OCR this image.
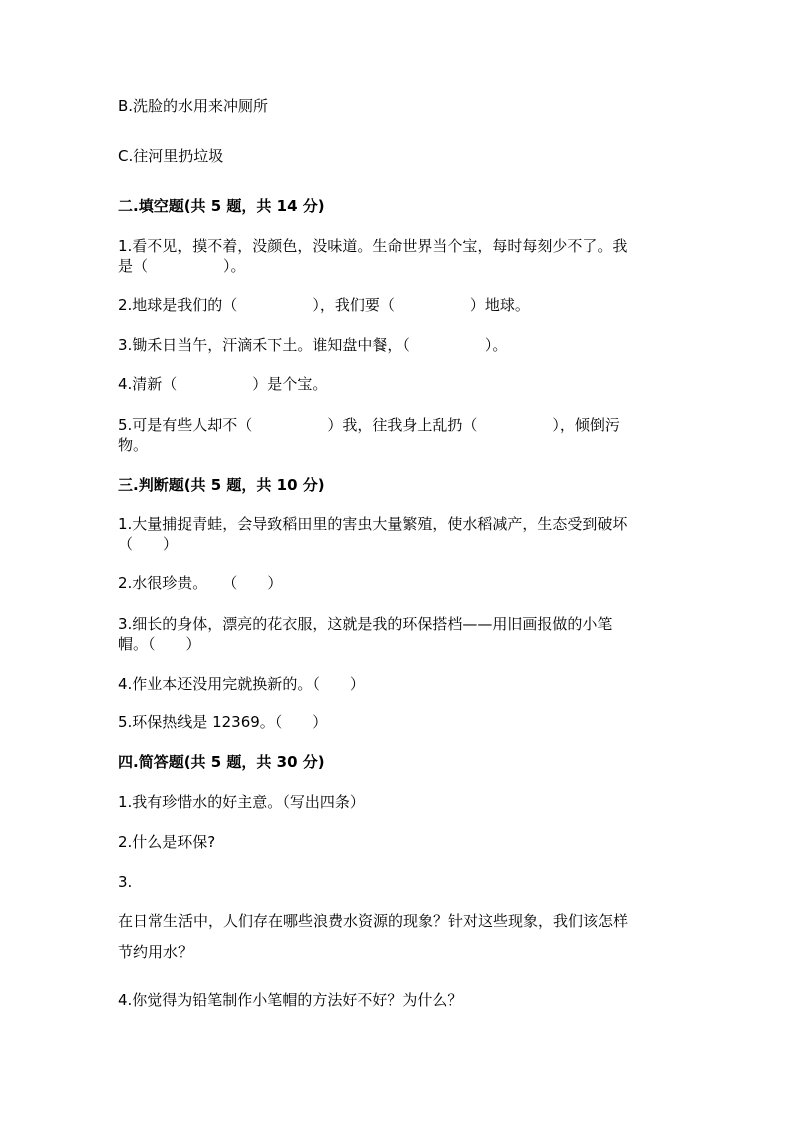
B.洗脸的水用来冲厕所
C.往河里扔垃圾
二.填空题(共 5 题，共 14 分)
1.看不见，摸不着，没颜色，没味道。生命世界当个宝，每时每刻少不了。我
是（　　　　　）。
2.地球是我们的（　　　　　），我们要（　　　　　）地球。
3.锄禾日当午，汗滴禾下土。谁知盘中餐，（　　　　　）。
4.清新（　　　　　）是个宝。
5.可是有些人却不（　　　　　）我，往我身上乱扔（　　　　　），倾倒污
物。
三.判断题(共 5 题，共 10 分)
1.大量捕捉青蛙，会导致稻田里的害虫大量繁殖，使水稻减产，生态受到破坏
（　　）
2.水很珍贵。　　（　　）
3.细长的身体，漂亮的花衣服，这就是我的环保搭档——用旧画报做的小笔
帽。（　　）
4.作业本还没用完就换新的。（　　）
5.环保热线是 12369。（　　）
四.简答题(共 5 题，共 30 分)
1.我有珍惜水的好主意。（写出四条）
2.什么是环保?
3.
在日常生活中，人们存在哪些浪费水资源的现象？针对这些现象，我们该怎样
节约用水？
4.你觉得为铅笔制作小笔帽的方法好不好？为什么？
